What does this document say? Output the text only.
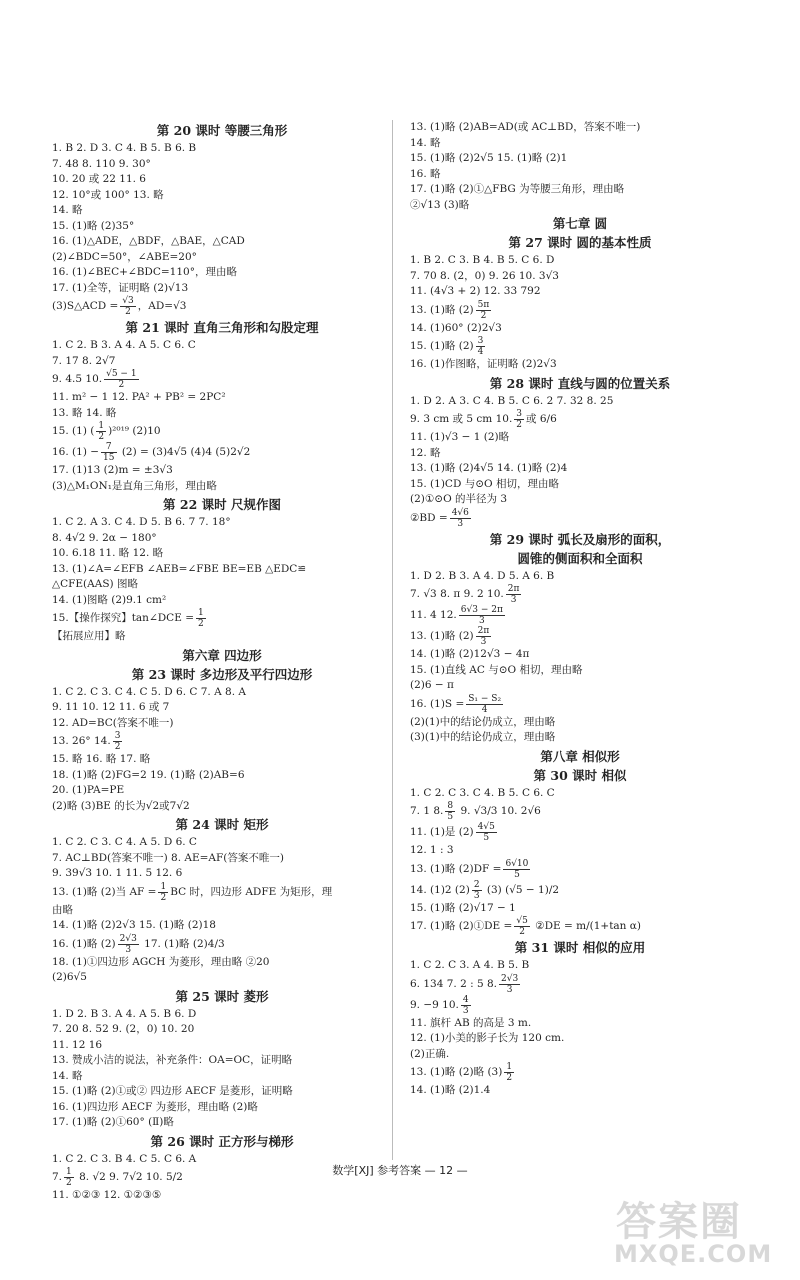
第 20 课时 等腰三角形
1. B 2. D 3. C 4. B 5. B 6. B
7. 48 8. 110 9. 30°
10. 20 或 22 11. 6
12. 10°或 100° 13. 略
14. 略
15. (1)略 (2)35°
16. (1)△ADE，△BDF，△BAE，△CAD
(2)∠BDC=50°，∠ABE=20°
16. (1)∠BEC+∠BDC=110°，理由略
17. (1)全等，证明略 (2)√13
(3)S△ACD = $\frac{√3}{2}$ ，AD=√3
第 21 课时 直角三角形和勾股定理
1. C 2. B 3. A 4. A 5. C 6. C
7. 17 8. 2√7
9. 4.5 10. $\frac{√5 - 1}{2}$
11. m² − 1 12. PA² + PB² = 2PC²
13. 略 14. 略
15. (1) ( $\frac{1}{2} )^{2019}$ (2)10
16. $(1) - \frac{7}{15} (2) = (3)4√5$ (4)4 (5)2√2
17. (1)13 (2)m = ±3√3
(3)△M₁ON₁是直角三角形，理由略
第 22 课时 尺规作图
1. C 2. A 3. C 4. D 5. B 6. 7 7. 18°
8. 4√2 9. 2α − 180°
10. 6.18 11. 略 12. 略
13. (1)∠A=∠EFB ∠AEB=∠FBE BE=EB △EDC≌
△CFE(AAS) 图略
14. (1)图略 (2)9.1 cm²
15.【操作探究】tan∠DCE = $\frac{1}{2}$
【拓展应用】略
第六章 四边形
第 23 课时 多边形及平行四边形
1. C 2. C 3. C 4. C 5. D 6. C 7. A 8. A
9. 11 10. 12 11. 6 或 7
12. AD=BC(答案不唯一)
13. 26° 14. $\frac{3}{2}$
15. 略 16. 略 17. 略
18. (1)略 (2)FG=2 19. (1)略 (2)AB=6
20. (1)PA=PE
(2)略 (3)BE 的长为√2或7√2
第 24 课时 矩形
1. C 2. C 3. C 4. A 5. D 6. C
7. AC⊥BD(答案不唯一) 8. AE=AF(答案不唯一)
9. 39√3 10. 1 11. 5 12. 6
13. (1)略 (2)当 AF = $\frac{1}{2}$ BC 时，四边形 ADFE 为矩形，理
由略
14. (1)略 (2)2√3 15. (1)略 (2)18
16. (1)略 $(2) \frac{2√3}{3} 17$. (1)略 (2)4/3
18. (1)①四边形 AGCH 为菱形，理由略 ②20
(2)6√5
第 25 课时 菱形
1. D 2. B 3. A 4. A 5. B 6. D
7. 20 8. 52 9. (2，0) 10. 20
11. 12 16
13. 赞成小洁的说法，补充条件：OA=OC，证明略
14. 略
15. (1)略 (2)①或② 四边形 AECF 是菱形，证明略
16. (1)四边形 AECF 为菱形，理由略 (2)略
17. (1)略 (2)①60° (Ⅱ)略
第 26 课时 正方形与梯形
1. C 2. C 3. B 4. C 5. C 6. A
7. $\frac{1}{2} 8$. √2 9. 7√2 10. 5/2
11. ①②③ 12. ①②③⑤
13. (1)略 (2)AB=AD(或 AC⊥BD，答案不唯一)
14. 略
15. (1)略 (2)2√5 15. (1)略 (2)1
16. 略
17. (1)略 (2)①△FBG 为等腰三角形，理由略
②√13 (3)略
第七章 圆
第 27 课时 圆的基本性质
1. B 2. C 3. B 4. B 5. C 6. D
7. 70 8. (2，0) 9. 26 10. 3√3
11. (4√3 + 2) 12. 33 792
13. (1)略 $(2) \frac{5\pi}{2}$
14. (1)60° (2)2√3
15. (1)略 $(2) \frac{3}{4}$
16. (1)作图略，证明略 (2)2√3
第 28 课时 直线与圆的位置关系
1. D 2. A 3. C 4. B 5. C 6. 2 7. 32 8. 25
9. 3 cm 或 5 cm 10. $\frac{3}{2}$ 或 6/6
11. (1)√3 − 1 (2)略
12. 略
13. (1)略 (2)4√5 14. (1)略 (2)4
15. (1)CD 与⊙O 相切，理由略
(2)①⊙O 的半径为 3
②BD = $\frac{4√6}{3}$
第 29 课时 弧长及扇形的面积，
圆锥的侧面积和全面积
1. D 2. B 3. A 4. D 5. A 6. B
7. √3 8. π 9. 2 10. $\frac{2\pi}{3}$
11. 4 12. $\frac{6√3 - 2\pi}{3}$
13. (1)略 $(2) \frac{2\pi}{3}$
14. (1)略 (2)12√3 − 4π
15. (1)直线 AC 与⊙O 相切，理由略
(2)6 − π
16. $(1)S = \frac{\text{S₁ − S₂}}{4}$
(2)(1)中的结论仍成立，理由略
(3)(1)中的结论仍成立，理由略
第八章 相似形
第 30 课时 相似
1. C 2. C 3. C 4. B 5. C 6. C
7. 1 8. $\frac{8}{5} 9$. √3/3 10. 2√6
11. (1)是 $(2) \frac{4√5}{5}$
12. 1 : 3
13. (1)略 $(2)DF = \frac{6√10}{5}$
14. (1)2 $(2) \frac{2}{3} (3) (√5 - 1)/2$
15. (1)略 (2)√17 − 1
17. (1)略 (2)①DE = $\frac{√5}{2}$ ②DE = m/(1+tan α)
第 31 课时 相似的应用
1. C 2. C 3. A 4. B 5. B
6. 134 7. 2 : 5 8. $\frac{2√3}{3}$
9. −9 10. $\frac{4}{3}$
11. 旗杆 AB 的高是 3 m.
12. (1)小美的影子长为 120 cm.
(2)正确.
13. (1)略 (2)略 $(3) \frac{1}{2}$
14. (1)略 (2)1.4
数学[XJ] 参考答案 — 12 —
答案圈
MXQE.COM
